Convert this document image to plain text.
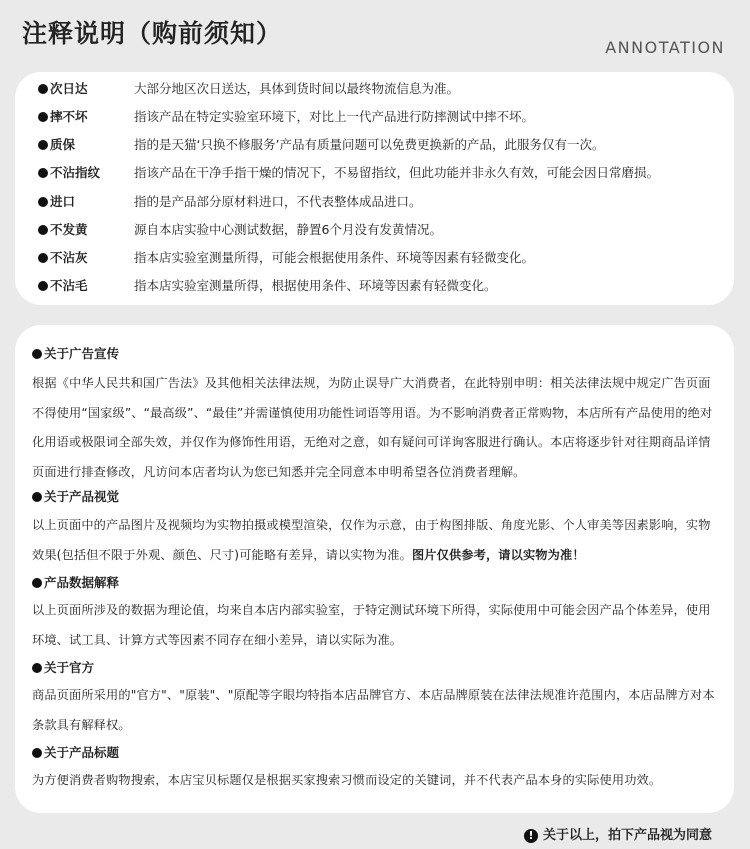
注释说明（购前须知）	ANNOTATION
次日达	大部分地区次日送达，具体到货时间以最终物流信息为准。
摔不坏	指该产品在特定实验室环境下，对比上一代产品进行防摔测试中摔不坏。
质保	指的是天猫‘只换不修服务’产品有质量问题可以免费更换新的产品，此服务仅有一次。
不沾指纹	指该产品在干净手指干燥的情况下，不易留指纹，但此功能并非永久有效，可能会因日常磨损。
进口	指的是产品部分原材料进口，不代表整体成品进口。
不发黄	源自本店实验中心测试数据，静置6个月没有发黄情况。
不沾灰	指本店实验室测量所得，可能会根据使用条件、环境等因素有轻微变化。
不沾毛	指本店实验室测量所得，根据使用条件、环境等因素有轻微变化。
关于广告宣传
根据《中华人民共和国广告法》及其他相关法律法规，为防止误导广大消费者，在此特别申明：相关法律法规中规定广告页面不得使用“国家级”、“最高级”、“最佳”并需谨慎使用功能性词语等用语。为不影响消费者正常购物，本店所有产品使用的绝对化用语或极限词全部失效，并仅作为修饰性用语，无绝对之意，如有疑问可详询客服进行确认。本店将逐步针对往期商品详情页面进行排查修改，凡访问本店者均认为您已知悉并完全同意本申明希望各位消费者理解。
关于产品视觉
以上页面中的产品图片及视频均为实物拍摄或模型渲染，仅作为示意，由于构图排版、角度光影、个人审美等因素影响，实物效果(包括但不限于外观、颜色、尺寸)可能略有差异，请以实物为准。图片仅供参考，请以实物为准！
产品数据解释
以上页面所涉及的数据为理论值，均来自本店内部实验室，于特定测试环境下所得，实际使用中可能会因产品个体差异，使用环境、试工具、计算方式等因素不同存在细小差异，请以实际为准。
关于官方
商品页面所采用的"官方"、"原装"、"原配等字眼均特指本店品牌官方、本店品牌原装在法律法规准许范围内，本店品牌方对本条款具有解释权。
关于产品标题
为方便消费者购物搜索，本店宝贝标题仅是根据买家搜索习惯而设定的关键词，并不代表产品本身的实际使用功效。
! 关于以上，拍下产品视为同意
